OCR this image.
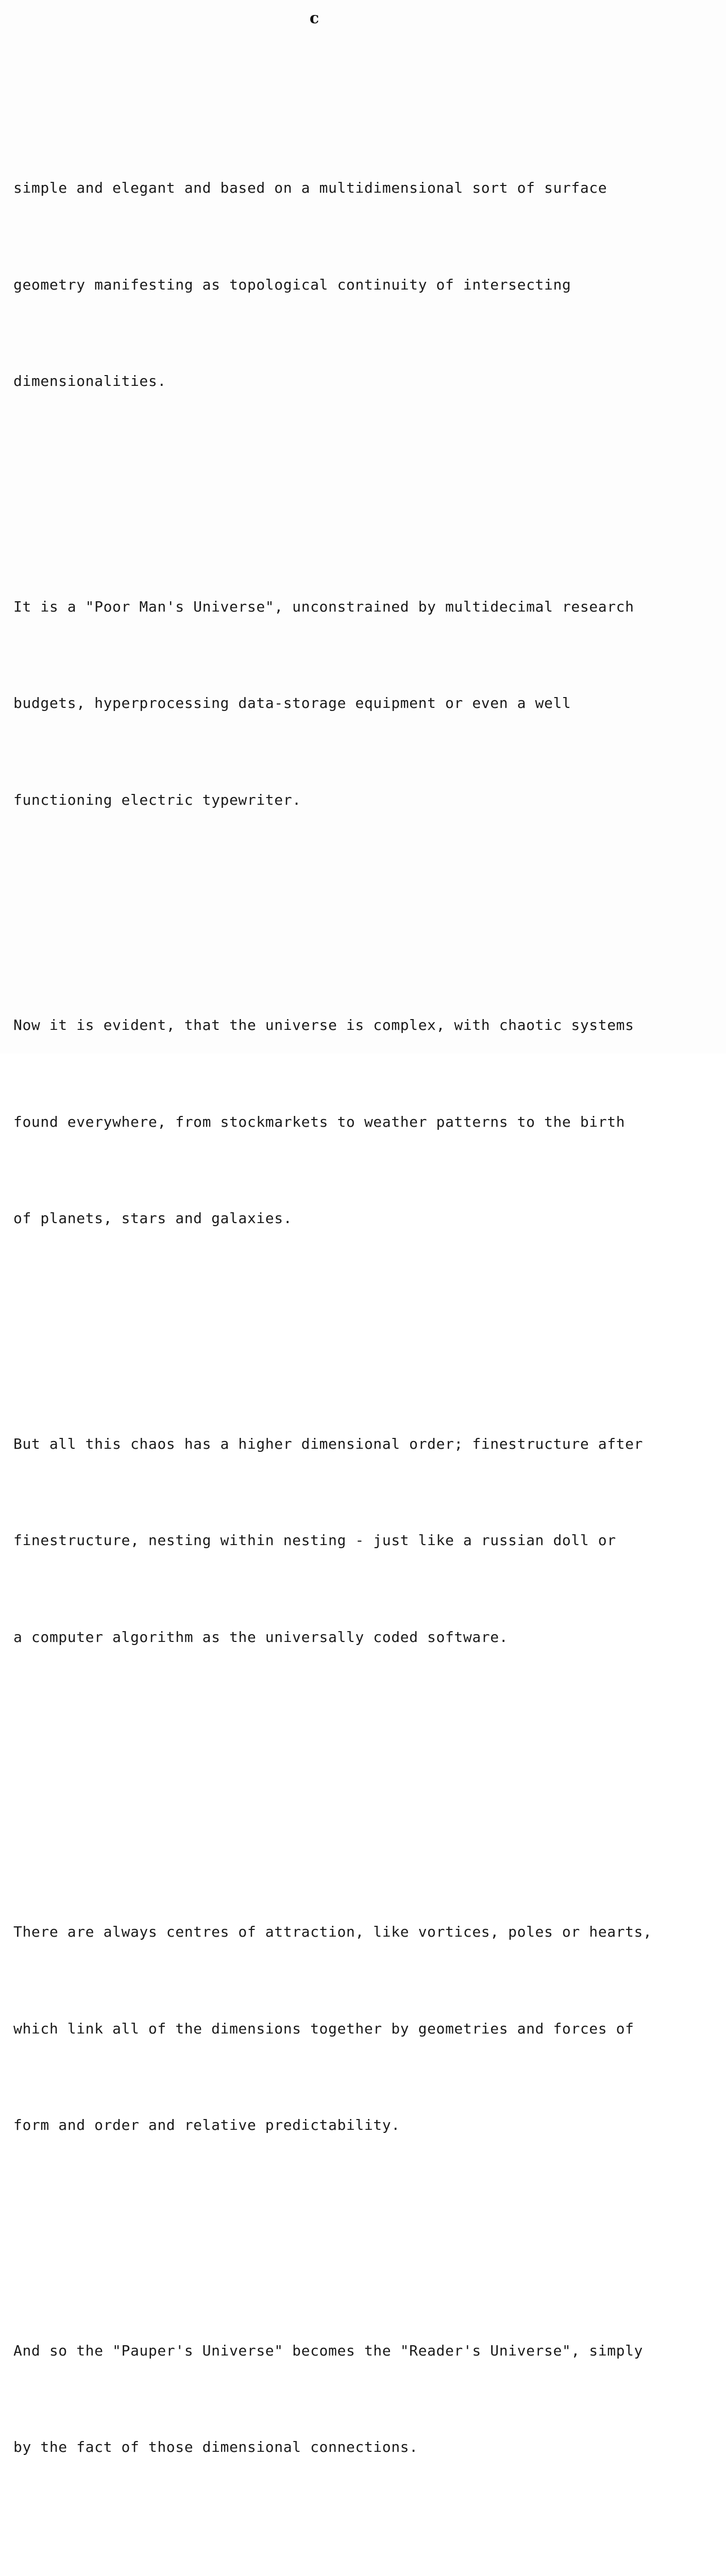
c

simple and elegant and based on a multidimensional sort of surface

geometry manifesting as topological continuity of intersecting

dimensionalities.

It is a "Poor Man's Universe", unconstrained by multidecimal research

budgets, hyperprocessing data-storage equipment or even a well

functioning electric typewriter.

Now it is evident, that the universe is complex, with chaotic systems

found everywhere, from stockmarkets to weather patterns to the birth

of planets, stars and galaxies.

But all this chaos has a higher dimensional order; finestructure after

finestructure, nesting within nesting - just like a russian doll or

a computer algorithm as the universally coded software.

There are always centres of attraction, like vortices, poles or hearts,

which link all of the dimensions together by geometries and forces of

form and order and relative predictability.

And so the "Pauper's Universe" becomes the "Reader's Universe", simply

by the fact of those dimensional connections.
